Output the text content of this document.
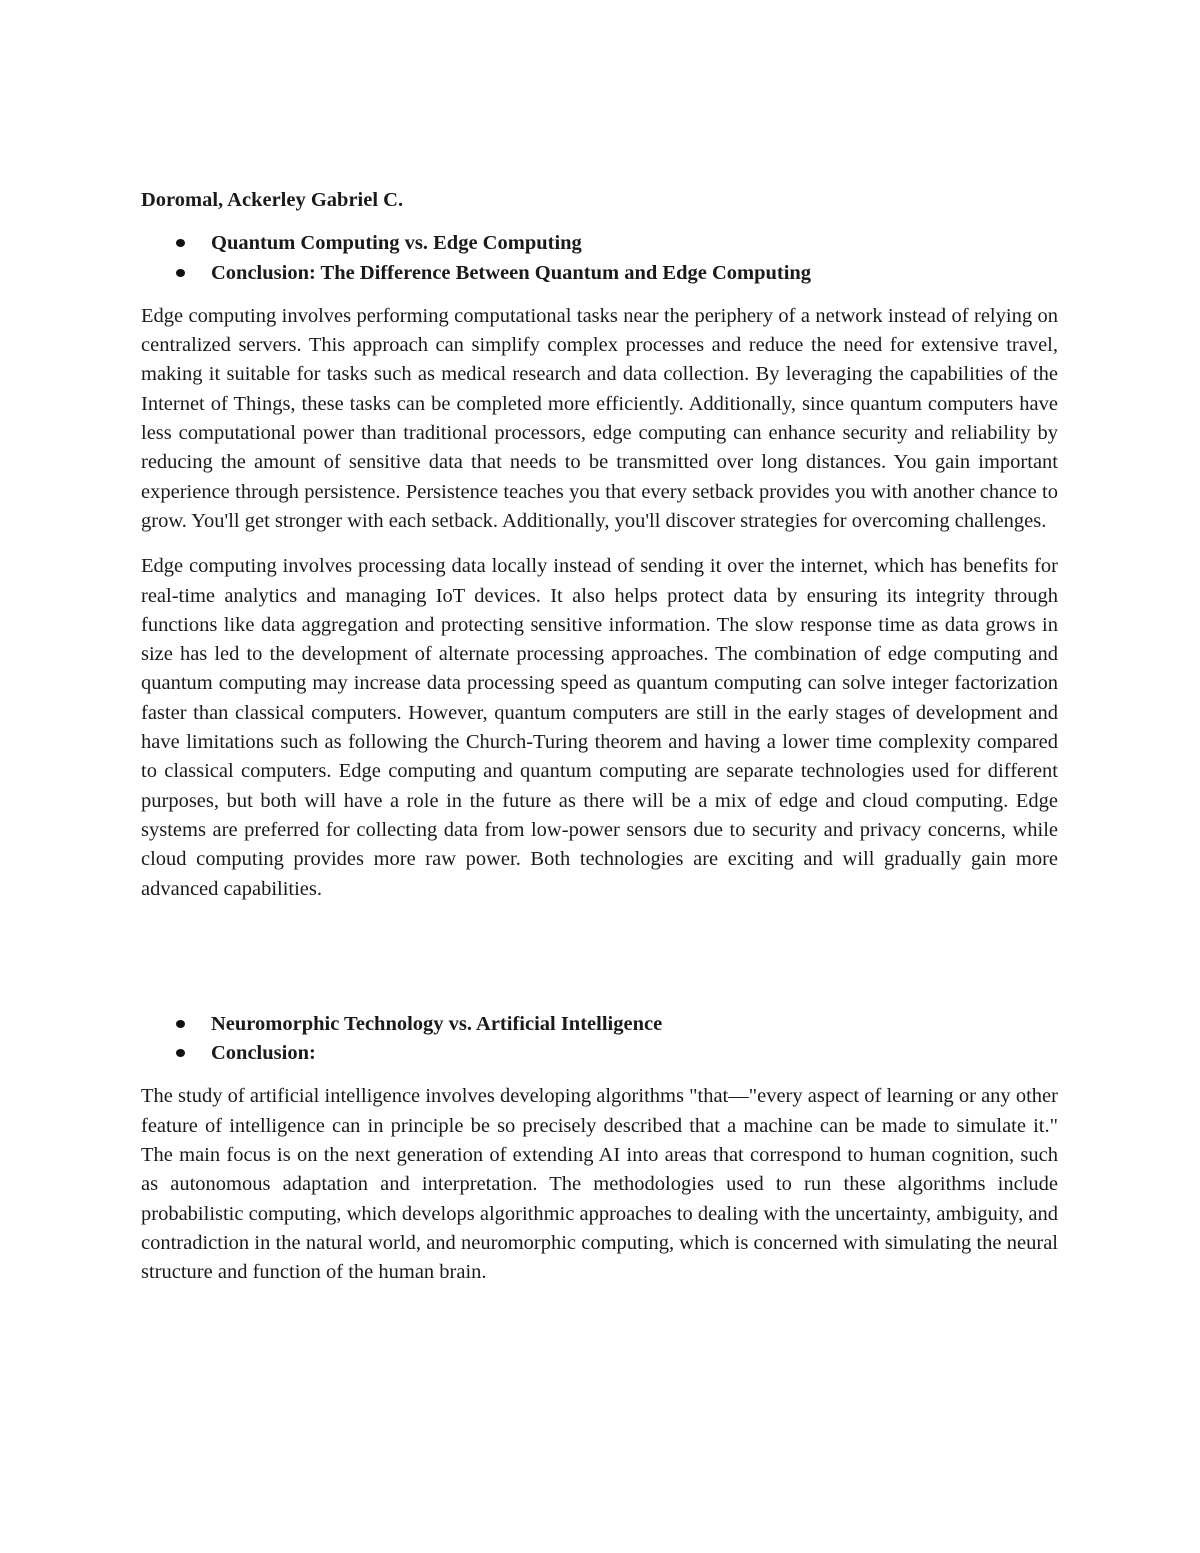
Doromal, Ackerley Gabriel C.

Quantum Computing vs. Edge Computing
Conclusion: The Difference Between Quantum and Edge Computing

Edge computing involves performing computational tasks near the periphery of a network instead of relying on centralized servers. This approach can simplify complex processes and reduce the need for extensive travel, making it suitable for tasks such as medical research and data collection. By leveraging the capabilities of the Internet of Things, these tasks can be completed more efficiently. Additionally, since quantum computers have less computational power than traditional processors, edge computing can enhance security and reliability by reducing the amount of sensitive data that needs to be transmitted over long distances. You gain important experience through persistence. Persistence teaches you that every setback provides you with another chance to grow. You'll get stronger with each setback. Additionally, you'll discover strategies for overcoming challenges.

Edge computing involves processing data locally instead of sending it over the internet, which has benefits for real-time analytics and managing IoT devices. It also helps protect data by ensuring its integrity through functions like data aggregation and protecting sensitive information. The slow response time as data grows in size has led to the development of alternate processing approaches. The combination of edge computing and quantum computing may increase data processing speed as quantum computing can solve integer factorization faster than classical computers. However, quantum computers are still in the early stages of development and have limitations such as following the Church-Turing theorem and having a lower time complexity compared to classical computers. Edge computing and quantum computing are separate technologies used for different purposes, but both will have a role in the future as there will be a mix of edge and cloud computing. Edge systems are preferred for collecting data from low-power sensors due to security and privacy concerns, while cloud computing provides more raw power. Both technologies are exciting and will gradually gain more advanced capabilities.

Neuromorphic Technology vs. Artificial Intelligence
Conclusion:

The study of artificial intelligence involves developing algorithms "that—"every aspect of learning or any other feature of intelligence can in principle be so precisely described that a machine can be made to simulate it." The main focus is on the next generation of extending AI into areas that correspond to human cognition, such as autonomous adaptation and interpretation. The methodologies used to run these algorithms include probabilistic computing, which develops algorithmic approaches to dealing with the uncertainty, ambiguity, and contradiction in the natural world, and neuromorphic computing, which is concerned with simulating the neural structure and function of the human brain.
